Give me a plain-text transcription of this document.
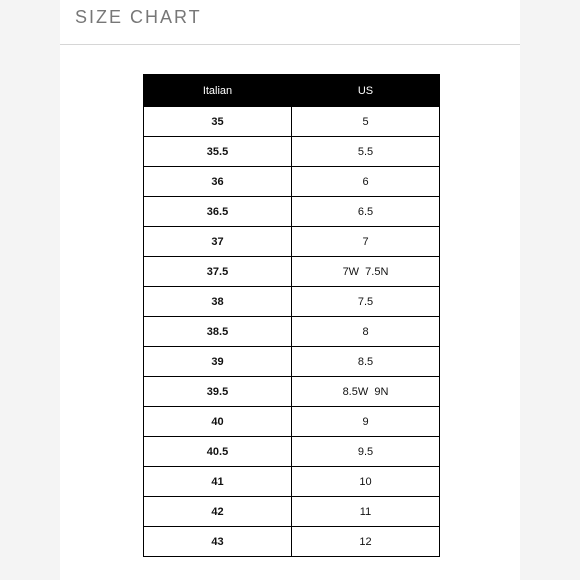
SIZE CHART
Italian	US
35	5
35.5	5.5
36	6
36.5	6.5
37	7
37.5	7W  7.5N
38	7.5
38.5	8
39	8.5
39.5	8.5W  9N
40	9
40.5	9.5
41	10
42	11
43	12
